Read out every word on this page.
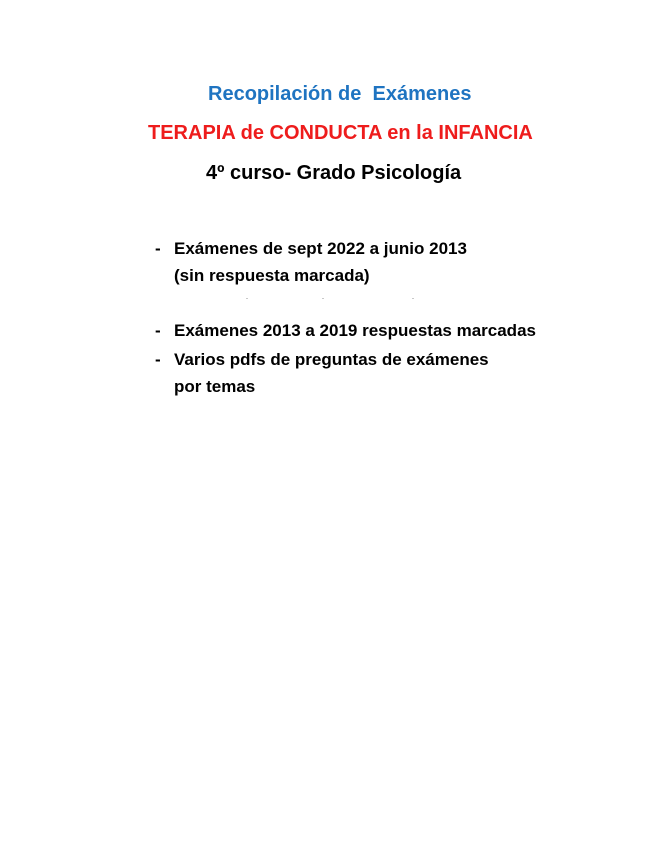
Recopilación de  Exámenes
TERAPIA de CONDUCTA en la INFANCIA
4º curso- Grado Psicología
- Exámenes de sept 2022 a junio 2013
(sin respuesta marcada)
- Exámenes 2013 a 2019 respuestas marcadas
- Varios pdfs de preguntas de exámenes
por temas
